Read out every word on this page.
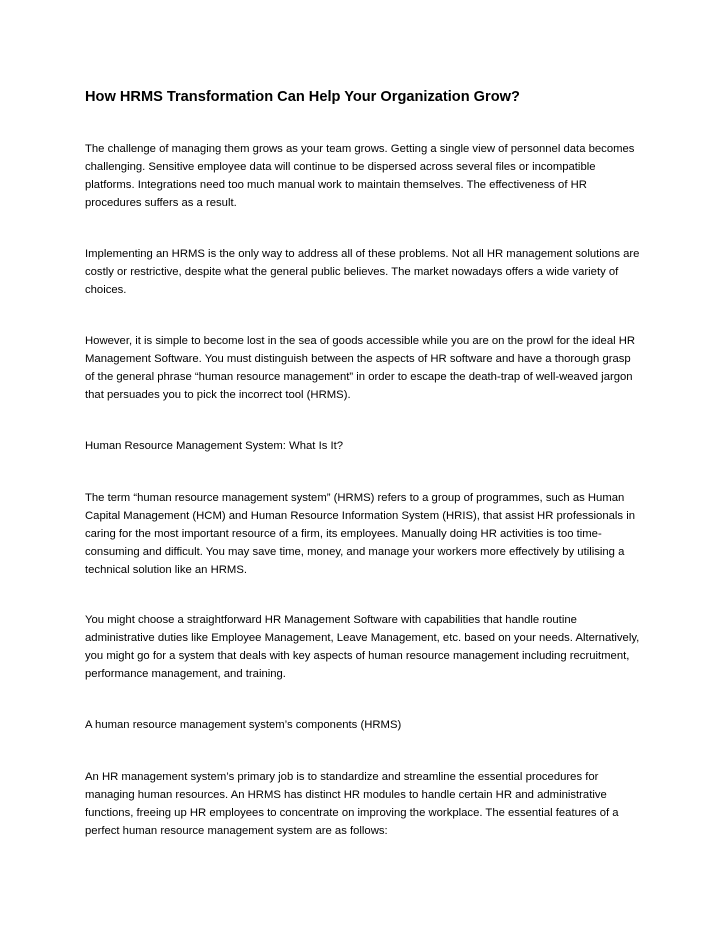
How HRMS Transformation Can Help Your Organization Grow?

The challenge of managing them grows as your team grows. Getting a single view of personnel data becomes challenging. Sensitive employee data will continue to be dispersed across several files or incompatible platforms. Integrations need too much manual work to maintain themselves. The effectiveness of HR procedures suffers as a result.

Implementing an HRMS is the only way to address all of these problems. Not all HR management solutions are costly or restrictive, despite what the general public believes. The market nowadays offers a wide variety of choices.

However, it is simple to become lost in the sea of goods accessible while you are on the prowl for the ideal HR Management Software. You must distinguish between the aspects of HR software and have a thorough grasp of the general phrase “human resource management” in order to escape the death-trap of well-weaved jargon that persuades you to pick the incorrect tool (HRMS).

Human Resource Management System: What Is It?

The term “human resource management system” (HRMS) refers to a group of programmes, such as Human Capital Management (HCM) and Human Resource Information System (HRIS), that assist HR professionals in caring for the most important resource of a firm, its employees. Manually doing HR activities is too time-consuming and difficult. You may save time, money, and manage your workers more effectively by utilising a technical solution like an HRMS.

You might choose a straightforward HR Management Software with capabilities that handle routine administrative duties like Employee Management, Leave Management, etc. based on your needs. Alternatively, you might go for a system that deals with key aspects of human resource management including recruitment, performance management, and training.

A human resource management system’s components (HRMS)

An HR management system’s primary job is to standardize and streamline the essential procedures for managing human resources. An HRMS has distinct HR modules to handle certain HR and administrative functions, freeing up HR employees to concentrate on improving the workplace. The essential features of a perfect human resource management system are as follows:
